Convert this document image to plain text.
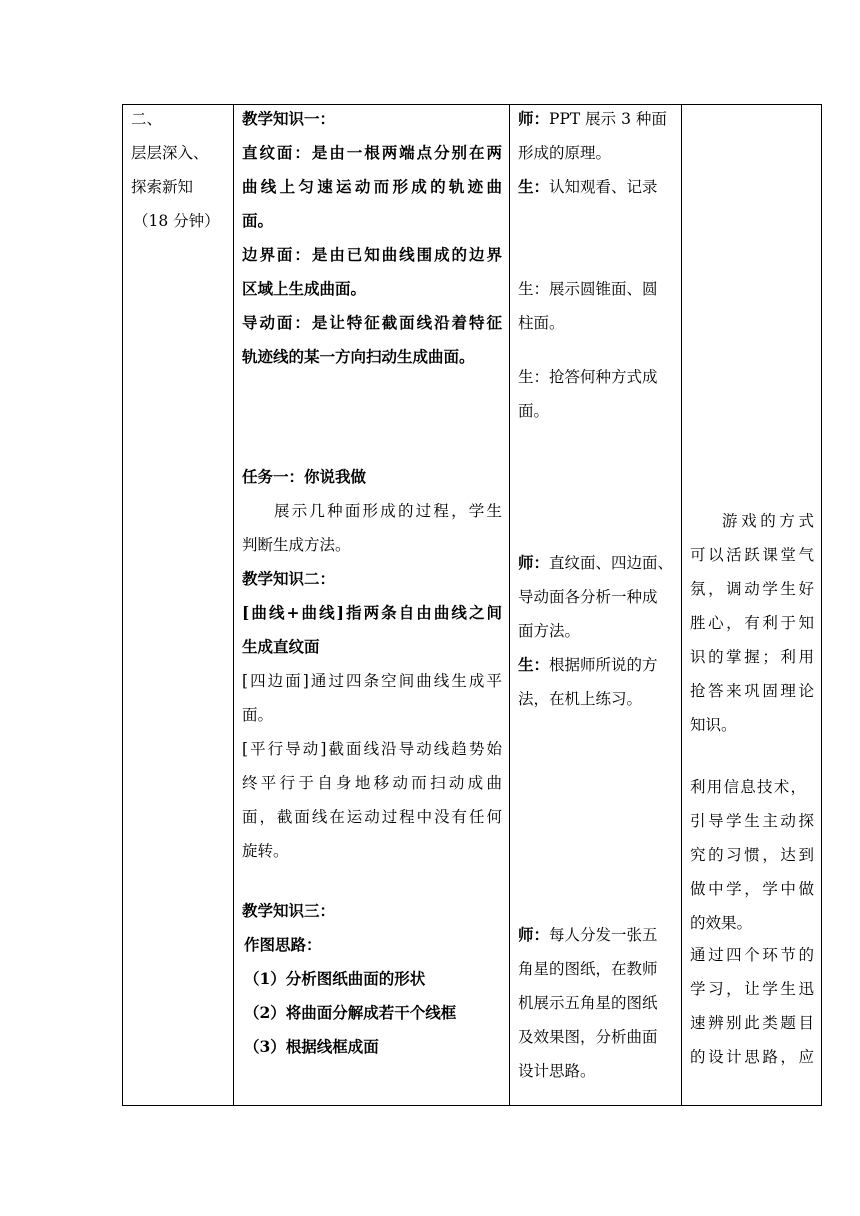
二、
层层深入、
探索新知
（18 分钟）
教学知识一：
直纹面：是由一根两端点分别在两
曲线上匀速运动而形成的轨迹曲
面。
边界面：是由已知曲线围成的边界
区域上生成曲面。
导动面：是让特征截面线沿着特征
轨迹线的某一方向扫动生成曲面。
任务一：你说我做
展示几种面形成的过程，学生
判断生成方法。
教学知识二：
[曲线+曲线]指两条自由曲线之间
生成直纹面
[四边面]通过四条空间曲线生成平
面。
[平行导动]截面线沿导动线趋势始
终平行于自身地移动而扫动成曲
面，截面线在运动过程中没有任何
旋转。
教学知识三：
作图思路：
（1）分析图纸曲面的形状
（2）将曲面分解成若干个线框
（3）根据线框成面
师：PPT 展示 3 种面
形成的原理。
生：认知观看、记录
生：展示圆锥面、圆
柱面。
生：抢答何种方式成
面。
师：直纹面、四边面、
导动面各分析一种成
面方法。
生：根据师所说的方
法，在机上练习。
师：每人分发一张五
角星的图纸，在教师
机展示五角星的图纸
及效果图，分析曲面
设计思路。
游戏的方式
可以活跃课堂气
氛，调动学生好
胜心，有利于知
识的掌握；利用
抢答来巩固理论
知识。
利用信息技术，
引导学生主动探
究的习惯，达到
做中学，学中做
的效果。
通过四个环节的
学习，让学生迅
速辨别此类题目
的设计思路，应
